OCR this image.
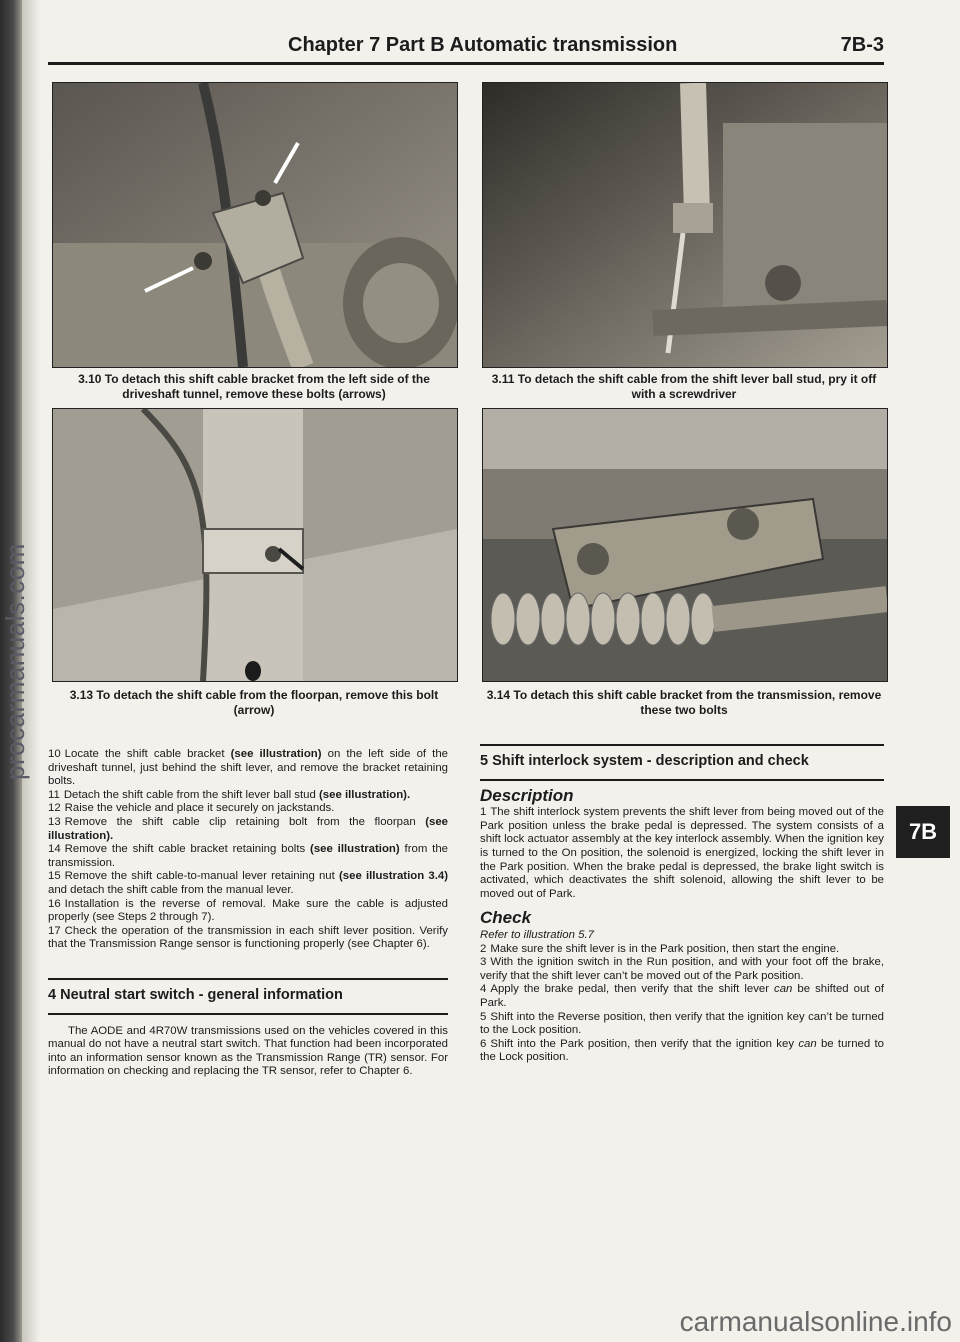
procarmanuals.com
Chapter 7 Part B Automatic transmission	7B-3
3.10 To detach this shift cable bracket from the left side of the driveshaft tunnel, remove these bolts (arrows)
3.11 To detach the shift cable from the shift lever ball stud, pry it off with a screwdriver
3.13 To detach the shift cable from the floorpan, remove this bolt (arrow)
3.14 To detach this shift cable bracket from the transmission, remove these two bolts

10 Locate the shift cable bracket (see illustration) on the left side of the driveshaft tunnel, just behind the shift lever, and remove the bracket retaining bolts.

11 Detach the shift cable from the shift lever ball stud (see illustration).

12 Raise the vehicle and place it securely on jackstands.

13 Remove the shift cable clip retaining bolt from the floorpan (see illustration).

14 Remove the shift cable bracket retaining bolts (see illustration) from the transmission.

15 Remove the shift cable-to-manual lever retaining nut (see illustration 3.4) and detach the shift cable from the manual lever.

16 Installation is the reverse of removal. Make sure the cable is adjusted properly (see Steps 2 through 7).

17 Check the operation of the transmission in each shift lever position. Verify that the Transmission Range sensor is functioning properly (see Chapter 6).

4 Neutral start switch - general information

The AODE and 4R70W transmissions used on the vehicles covered in this manual do not have a neutral start switch. That function had been incorporated into an information sensor known as the Transmission Range (TR) sensor. For information on checking and replacing the TR sensor, refer to Chapter 6.

5 Shift interlock system - description and check
Description

1 The shift interlock system prevents the shift lever from being moved out of the Park position unless the brake pedal is depressed. The system consists of a shift lock actuator assembly at the key interlock assembly. When the ignition key is turned to the On position, the solenoid is energized, locking the shift lever in the Park position. When the brake pedal is depressed, the brake light switch is activated, which deactivates the shift solenoid, allowing the shift lever to be moved out of Park.

Check

Refer to illustration 5.7

2 Make sure the shift lever is in the Park position, then start the engine.

3 With the ignition switch in the Run position, and with your foot off the brake, verify that the shift lever can’t be moved out of the Park position.

4 Apply the brake pedal, then verify that the shift lever can be shifted out of Park.

5 Shift into the Reverse position, then verify that the ignition key can’t be turned to the Lock position.

6 Shift into the Park position, then verify that the ignition key can be turned to the Lock position.

7B
carmanualsonline.info
